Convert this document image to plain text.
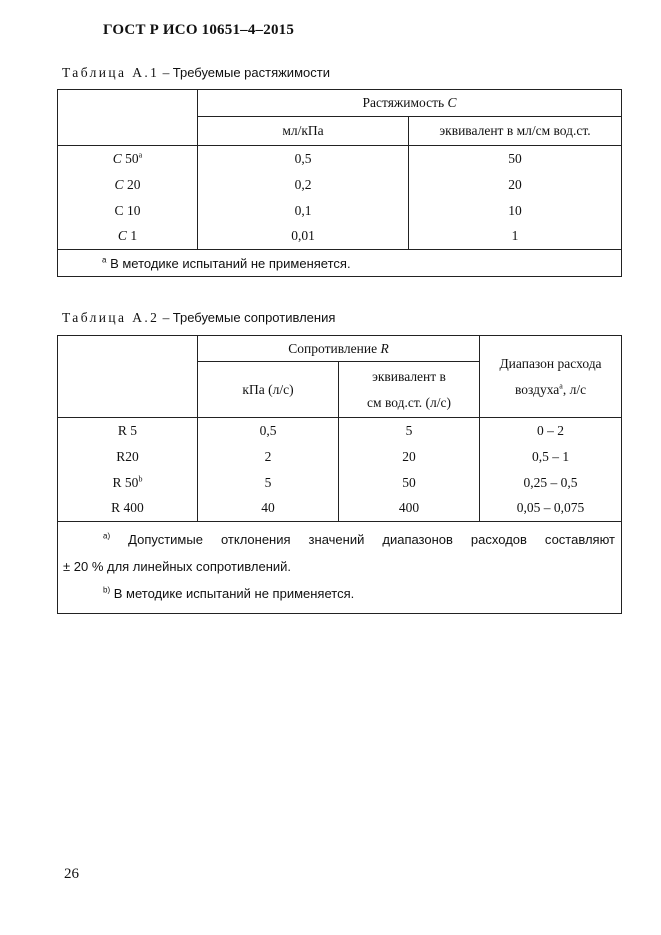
ГОСТ Р ИСО 10651–4–2015
Таблица А.1 – Требуемые растяжимости
	Растяжимость C	
	мл/кПа	эквивалент в мл/см вод.ст.
C 50$^a$	0,5	50
C 20	0,2	20
C 10	0,1	10
C 1	0,01	1
$^a$ В методике испытаний не применяется.		
Таблица А.2 – Требуемые сопротивления
	Сопротивление R		Диапазон расхода
воздуха$^a$, л/с

	кПа (л/с)	эквивалент в
см вод.ст. (л/с)	

R 5	0,5	5	0 – 2
R20	2	20	0,5 – 1
R 50$^b$	5	50	0,25 – 0,5
R 400	40	400	0,05 – 0,075

$^{a)}$ Допустимые отклонения значений диапазонов расходов составляют
± 20 % для линейных сопротивлений.
$^{b)}$ В методике испытаний не применяется.			
26
